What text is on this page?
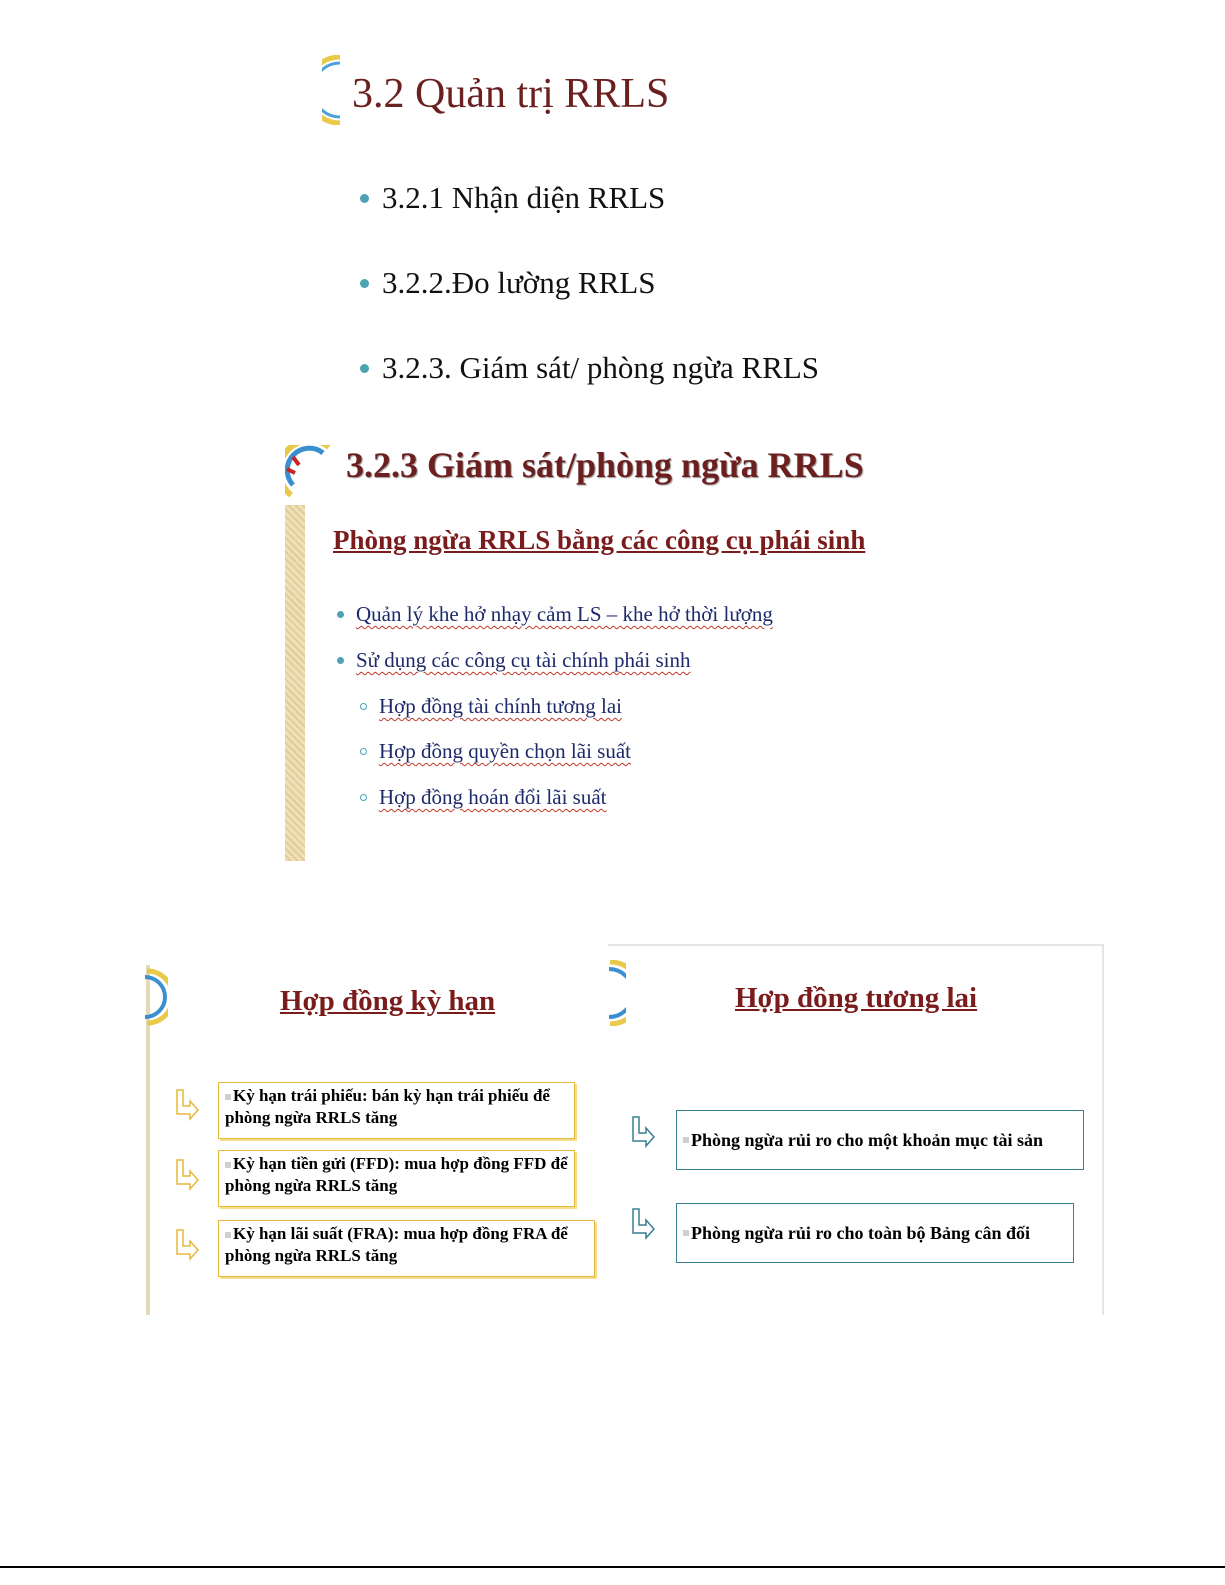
3.2 Quản trị RRLS
3.2.1 Nhận diện RRLS
3.2.2.Đo lường RRLS
3.2.3. Giám sát/ phòng ngừa RRLS
3.2.3 Giám sát/phòng ngừa RRLS
Phòng ngừa RRLS bằng các công cụ phái sinh
Quản lý khe hở nhạy cảm LS – khe hở thời lượng
Sử dụng các công cụ tài chính phái sinh
Hợp đồng tài chính tương lai
Hợp đồng quyền chọn lãi suất
Hợp đồng hoán đổi lãi suất
Hợp đồng kỳ hạn
Kỳ hạn trái phiếu: bán kỳ hạn trái phiếu để phòng ngừa RRLS tăng
Kỳ hạn tiền gửi (FFD): mua hợp đồng FFD để phòng ngừa RRLS tăng
Kỳ hạn lãi suất (FRA): mua hợp đồng FRA để phòng ngừa RRLS tăng
Hợp đồng tương lai
Phòng ngừa rủi ro cho một khoản mục tài sản
Phòng ngừa rủi ro cho toàn bộ Bảng cân đối
